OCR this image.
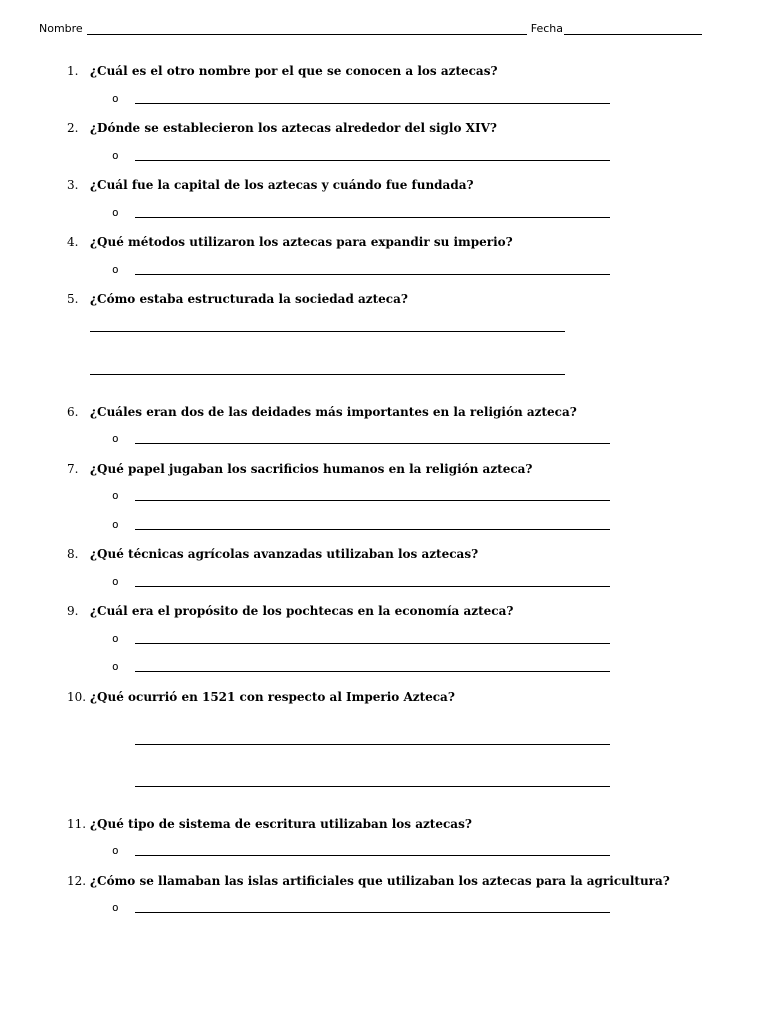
Nombre	Fecha
1. ¿Cuál es el otro nombre por el que se conocen a los aztecas?
o
2. ¿Dónde se establecieron los aztecas alrededor del siglo XIV?
o
3. ¿Cuál fue la capital de los aztecas y cuándo fue fundada?
o
4. ¿Qué métodos utilizaron los aztecas para expandir su imperio?
o
5. ¿Cómo estaba estructurada la sociedad azteca?
6. ¿Cuáles eran dos de las deidades más importantes en la religión azteca?
o
7. ¿Qué papel jugaban los sacrificios humanos en la religión azteca?
o
o
8. ¿Qué técnicas agrícolas avanzadas utilizaban los aztecas?
o
9. ¿Cuál era el propósito de los pochtecas en la economía azteca?
o
o
10. ¿Qué ocurrió en 1521 con respecto al Imperio Azteca?
11. ¿Qué tipo de sistema de escritura utilizaban los aztecas?
o
12. ¿Cómo se llamaban las islas artificiales que utilizaban los aztecas para la agricultura?
o
